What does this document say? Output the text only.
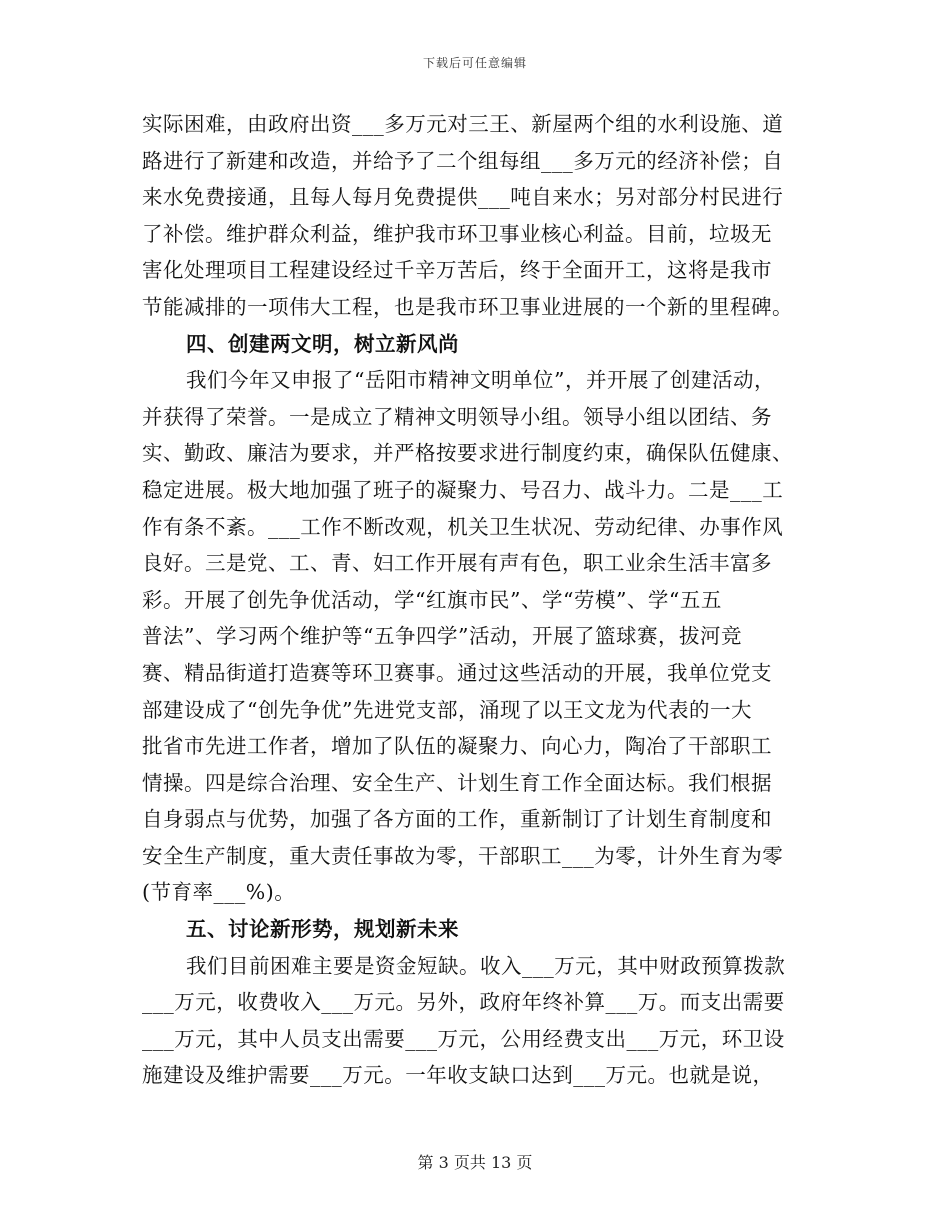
下载后可任意编辑
实际困难，由政府出资___多万元对三王、新屋两个组的水利设施、道
路进行了新建和改造，并给予了二个组每组___多万元的经济补偿；自
来水免费接通，且每人每月免费提供___吨自来水；另对部分村民进行
了补偿。维护群众利益，维护我市环卫事业核心利益。目前，垃圾无
害化处理项目工程建设经过千辛万苦后，终于全面开工，这将是我市
节能减排的一项伟大工程，也是我市环卫事业进展的一个新的里程碑。
四、创建两文明，树立新风尚
我们今年又申报了“岳阳市精神文明单位”，并开展了创建活动，
并获得了荣誉。一是成立了精神文明领导小组。领导小组以团结、务
实、勤政、廉洁为要求，并严格按要求进行制度约束，确保队伍健康、
稳定进展。极大地加强了班子的凝聚力、号召力、战斗力。二是___工
作有条不紊。___工作不断改观，机关卫生状况、劳动纪律、办事作风
良好。三是党、工、青、妇工作开展有声有色，职工业余生活丰富多
彩。开展了创先争优活动，学“红旗市民”、学“劳模”、学“五五
普法”、学习两个维护等“五争四学”活动，开展了篮球赛，拔河竞
赛、精品街道打造赛等环卫赛事。通过这些活动的开展，我单位党支
部建设成了“创先争优”先进党支部，涌现了以王文龙为代表的一大
批省市先进工作者，增加了队伍的凝聚力、向心力，陶冶了干部职工
情操。四是综合治理、安全生产、计划生育工作全面达标。我们根据
自身弱点与优势，加强了各方面的工作，重新制订了计划生育制度和
安全生产制度，重大责任事故为零，干部职工___为零，计外生育为零
(节育率___%)。
五、讨论新形势，规划新未来
我们目前困难主要是资金短缺。收入___万元，其中财政预算拨款
___万元，收费收入___万元。另外，政府年终补算___万。而支出需要
___万元，其中人员支出需要___万元，公用经费支出___万元，环卫设
施建设及维护需要___万元。一年收支缺口达到___万元。也就是说，
第 3 页共 13 页
